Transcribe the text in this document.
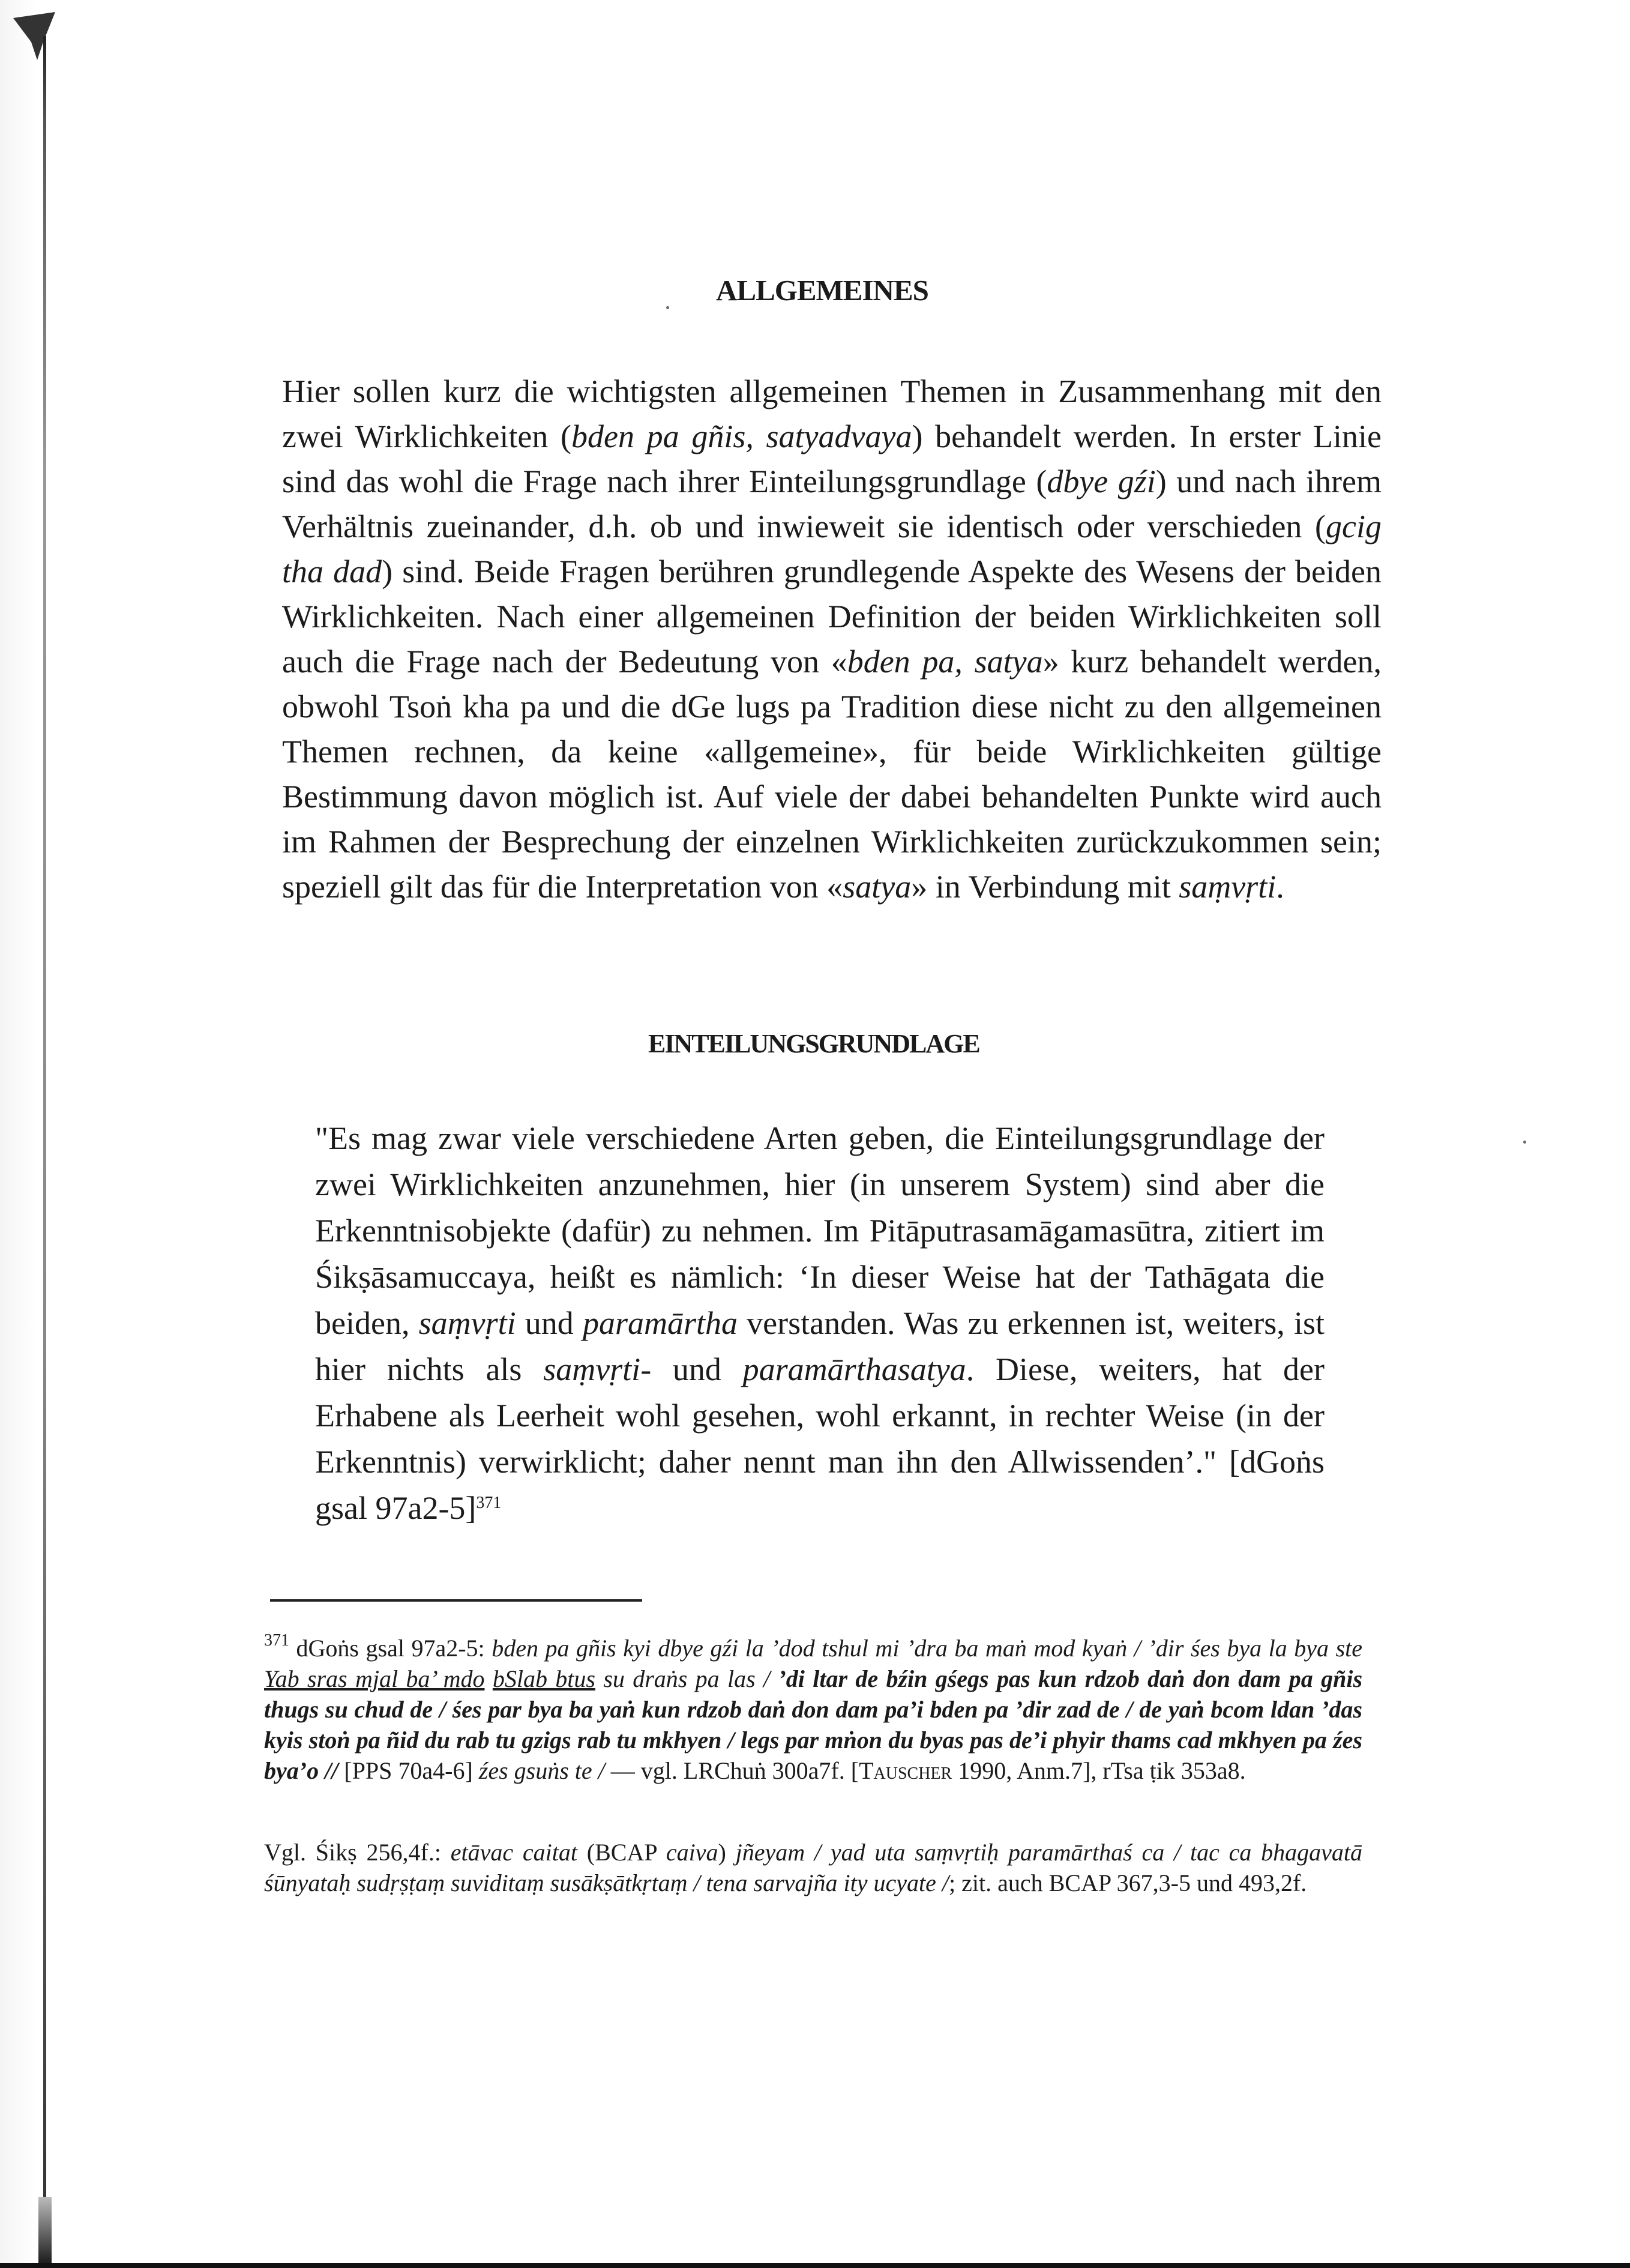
ALLGEMEINES

Hier sollen kurz die wichtigsten allgemeinen Themen in Zusammenhang mit den zwei Wirklichkeiten (bden pa gñis, satyadvaya) behandelt werden. In erster Linie sind das wohl die Frage nach ihrer Einteilungsgrundlage (dbye gźi) und nach ihrem Verhältnis zueinander, d.h. ob und inwieweit sie identisch oder verschieden (gcig tha dad) sind. Beide Fragen berühren grundlegende Aspekte des Wesens der beiden Wirklichkeiten. Nach einer allgemeinen Definition der beiden Wirklichkeiten soll auch die Frage nach der Bedeutung von «bden pa, satya» kurz behandelt werden, obwohl Tsoṅ kha pa und die dGe lugs pa Tradition diese nicht zu den allgemeinen Themen rechnen, da keine «allgemeine», für beide Wirklichkeiten gültige Bestimmung davon möglich ist. Auf viele der dabei behandelten Punkte wird auch im Rahmen der Besprechung der einzelnen Wirklichkeiten zurückzukommen sein; speziell gilt das für die Interpretation von «satya» in Verbindung mit saṃvṛti.

EINTEILUNGSGRUNDLAGE

"Es mag zwar viele verschiedene Arten geben, die Einteilungsgrundlage der zwei Wirklichkeiten anzunehmen, hier (in unserem System) sind aber die Erkenntnisobjekte (dafür) zu nehmen. Im Pitāputrasamāgamasūtra, zitiert im Śikṣāsamuccaya, heißt es nämlich: ‘In dieser Weise hat der Tathāgata die beiden, saṃvṛti und paramārtha verstanden. Was zu erkennen ist, weiters, ist hier nichts als saṃvṛti- und paramārthasatya. Diese, weiters, hat der Erhabene als Leerheit wohl gesehen, wohl erkannt, in rechter Weise (in der Erkenntnis) verwirklicht; daher nennt man ihn den Allwissenden’." [dGoṅs gsal 97a2-5]$^{371}$

$^{371}$ dGoṅs gsal 97a2-5: bden pa gñis kyi dbye gźi la ’dod tshul mi ’dra ba maṅ mod kyaṅ / ’dir śes bya la bya ste Yab sras mjal ba’ mdo bSlab btus su draṅs pa las / ’di ltar de bźin gśegs pas kun rdzob daṅ don dam pa gñis thugs su chud de / śes par bya ba yaṅ kun rdzob daṅ don dam pa’i bden pa ’dir zad de / de yaṅ bcom ldan ’das kyis stoṅ pa ñid du rab tu gzigs rab tu mkhyen / legs par mṅon du byas pas de’i phyir thams cad mkhyen pa źes bya’o // [PPS 70a4-6] źes gsuṅs te / — vgl. LRChuṅ 300a7f. [Tauscher 1990, Anm.7], rTsa ṭik 353a8.

Vgl. Śikṣ 256,4f.: etāvac caitat (BCAP caiva) jñeyam / yad uta saṃvṛtiḥ paramārthaś ca / tac ca bhagavatā śūnyataḥ sudṛṣṭaṃ suviditaṃ susākṣātkṛtaṃ / tena sarvajña ity ucyate /; zit. auch BCAP 367,3-5 und 493,2f.
